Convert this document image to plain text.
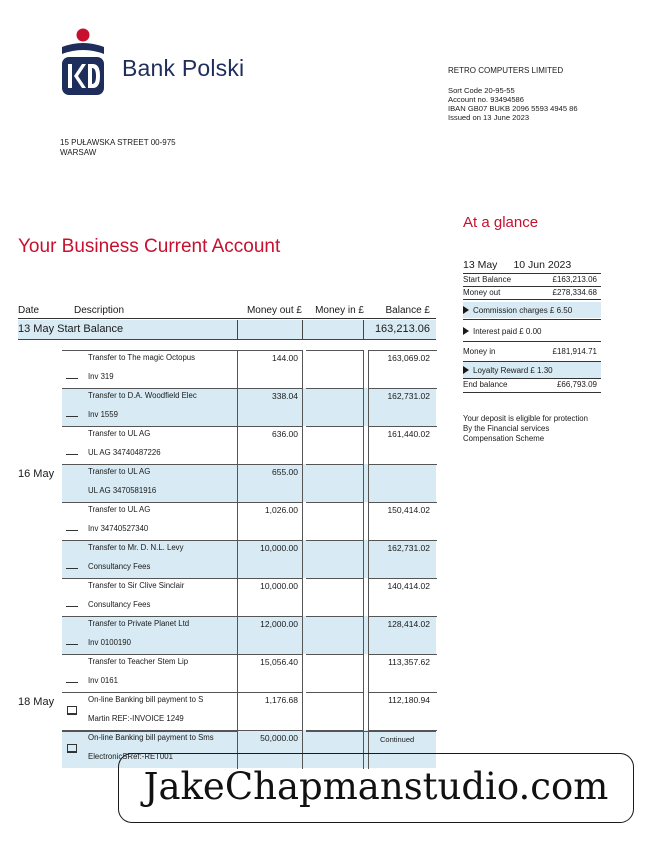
Bank Polski
15 PUŁAWSKA STREET 00-975
WARSAW
RETRO COMPUTERS LIMITED
Sort Code 20-95-55
Account no. 93494586
IBAN GB07 BUKB 2096 5593 4945 86
Issued on 13 June 2023
Your Business Current Account
At a glance
Date	Description	Money out £	Money in £	Balance £
13 May Start Balance	163,213.06
Transfer to The magic Octopus
Inv 319
144.00	163,069.02
Transfer to D.A. Woodfield Elec
Inv 1559
338.04	162,731.02
Transfer to UL AG
UL AG 34740487226
636.00	161,440.02
16 May	Transfer to UL AG
UL AG 3470581916
655.00
Transfer to UL AG
Inv 34740527340
1,026.00	150,414.02
Transfer to Mr. D. N.L. Levy
Consultancy Fees
10,000.00	162,731.02
Transfer to Sir Clive Sinclair
Consultancy Fees
10,000.00	140,414.02
Transfer to Private Planet Ltd
Inv 0100190
12,000.00	128,414.02
Transfer to Teacher Stem Lip
Inv 0161
15,056.40	113,357.62
18 May	On-line Banking bill payment to S
Martin REF:-INVOICE 1249
1,176.68	112,180.94
On-line Banking bill payment to Sms
ElectronicSRef:-RET001
50,000.00	Continued
13 May 10 Jun 2023
Start Balance	£163,213.06
Money out	£278,334.68
Commission charges £ 6.50
Interest paid £ 0.00
Money in	£181,914.71
Loyalty Reward £ 1.30
End balance	£66,793.09
Your deposit is eligible for protection
By the Financial services
Compensation Scheme
JakeChapmanstudio.com
